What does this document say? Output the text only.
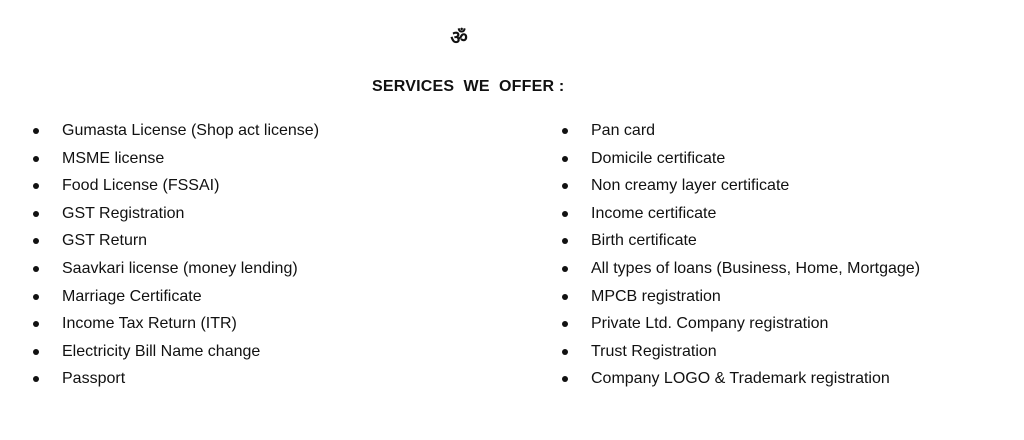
ॐ
SERVICES  WE  OFFER :
Gumasta License (Shop act license)
MSME license
Food License (FSSAI)
GST Registration
GST Return
Saavkari license (money lending)
Marriage Certificate
Income Tax Return (ITR)
Electricity Bill Name change
Passport
Pan card
Domicile certificate
Non creamy layer certificate
Income certificate
Birth certificate
All types of loans (Business, Home, Mortgage)
MPCB registration
Private Ltd. Company registration
Trust Registration
Company LOGO & Trademark registration
